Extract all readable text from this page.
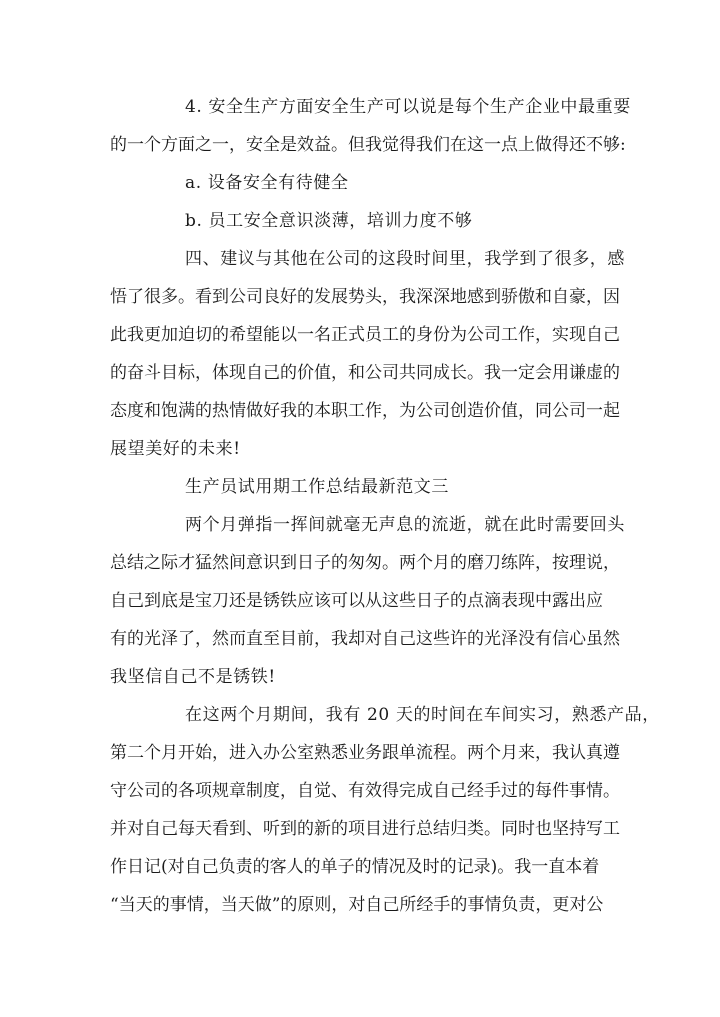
4. 安全生产方面安全生产可以说是每个生产企业中最重要
的一个方面之一，安全是效益。但我觉得我们在这一点上做得还不够:
a. 设备安全有待健全
b. 员工安全意识淡薄，培训力度不够
四、建议与其他在公司的这段时间里，我学到了很多，感
悟了很多。看到公司良好的发展势头，我深深地感到骄傲和自豪，因
此我更加迫切的希望能以一名正式员工的身份为公司工作，实现自己
的奋斗目标，体现自己的价值，和公司共同成长。我一定会用谦虚的
态度和饱满的热情做好我的本职工作，为公司创造价值，同公司一起
展望美好的未来!
生产员试用期工作总结最新范文三
两个月弹指一挥间就毫无声息的流逝，就在此时需要回头
总结之际才猛然间意识到日子的匆匆。两个月的磨刀练阵，按理说，
自己到底是宝刀还是锈铁应该可以从这些日子的点滴表现中露出应
有的光泽了，然而直至目前，我却对自己这些许的光泽没有信心虽然
我坚信自己不是锈铁!
在这两个月期间，我有 20 天的时间在车间实习，熟悉产品，
第二个月开始，进入办公室熟悉业务跟单流程。两个月来，我认真遵
守公司的各项规章制度，自觉、有效得完成自己经手过的每件事情。
并对自己每天看到、听到的新的项目进行总结归类。同时也坚持写工
作日记(对自己负责的客人的单子的情况及时的记录)。我一直本着
“当天的事情，当天做”的原则，对自己所经手的事情负责，更对公
